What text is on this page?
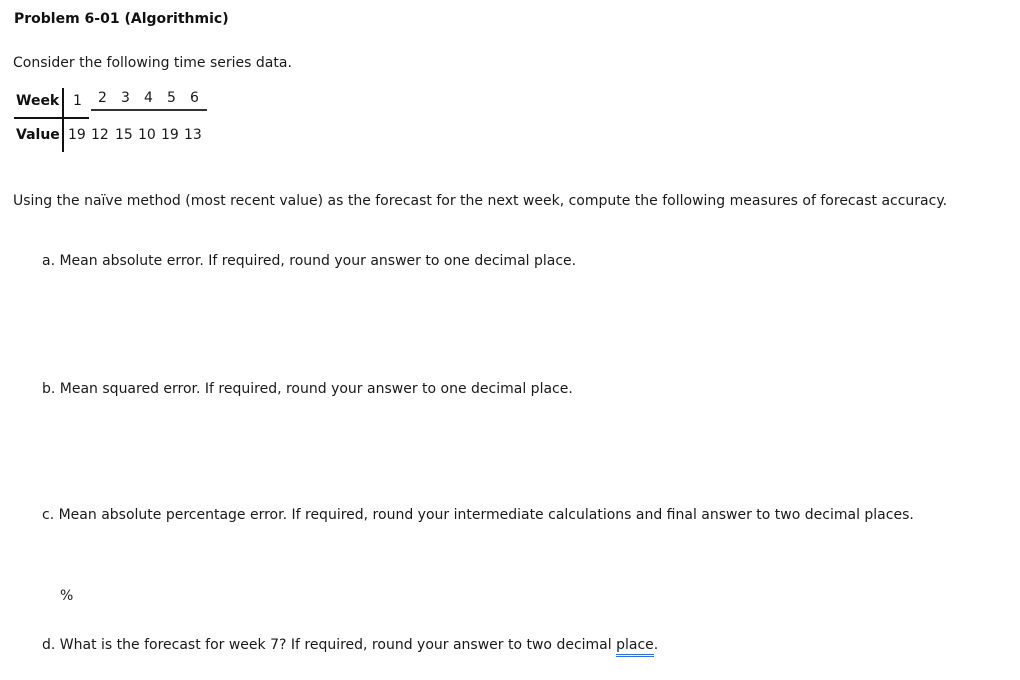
Problem 6-01 (Algorithmic)
Consider the following time series data.
Week
Value
1 2 3 4 5 6
19 12 15 10 19 13
Using the naïve method (most recent value) as the forecast for the next week, compute the following measures of forecast accuracy.
a. Mean absolute error. If required, round your answer to one decimal place.
b. Mean squared error. If required, round your answer to one decimal place.
c. Mean absolute percentage error. If required, round your intermediate calculations and final answer to two decimal places.
%
d. What is the forecast for week 7? If required, round your answer to two decimal place.
